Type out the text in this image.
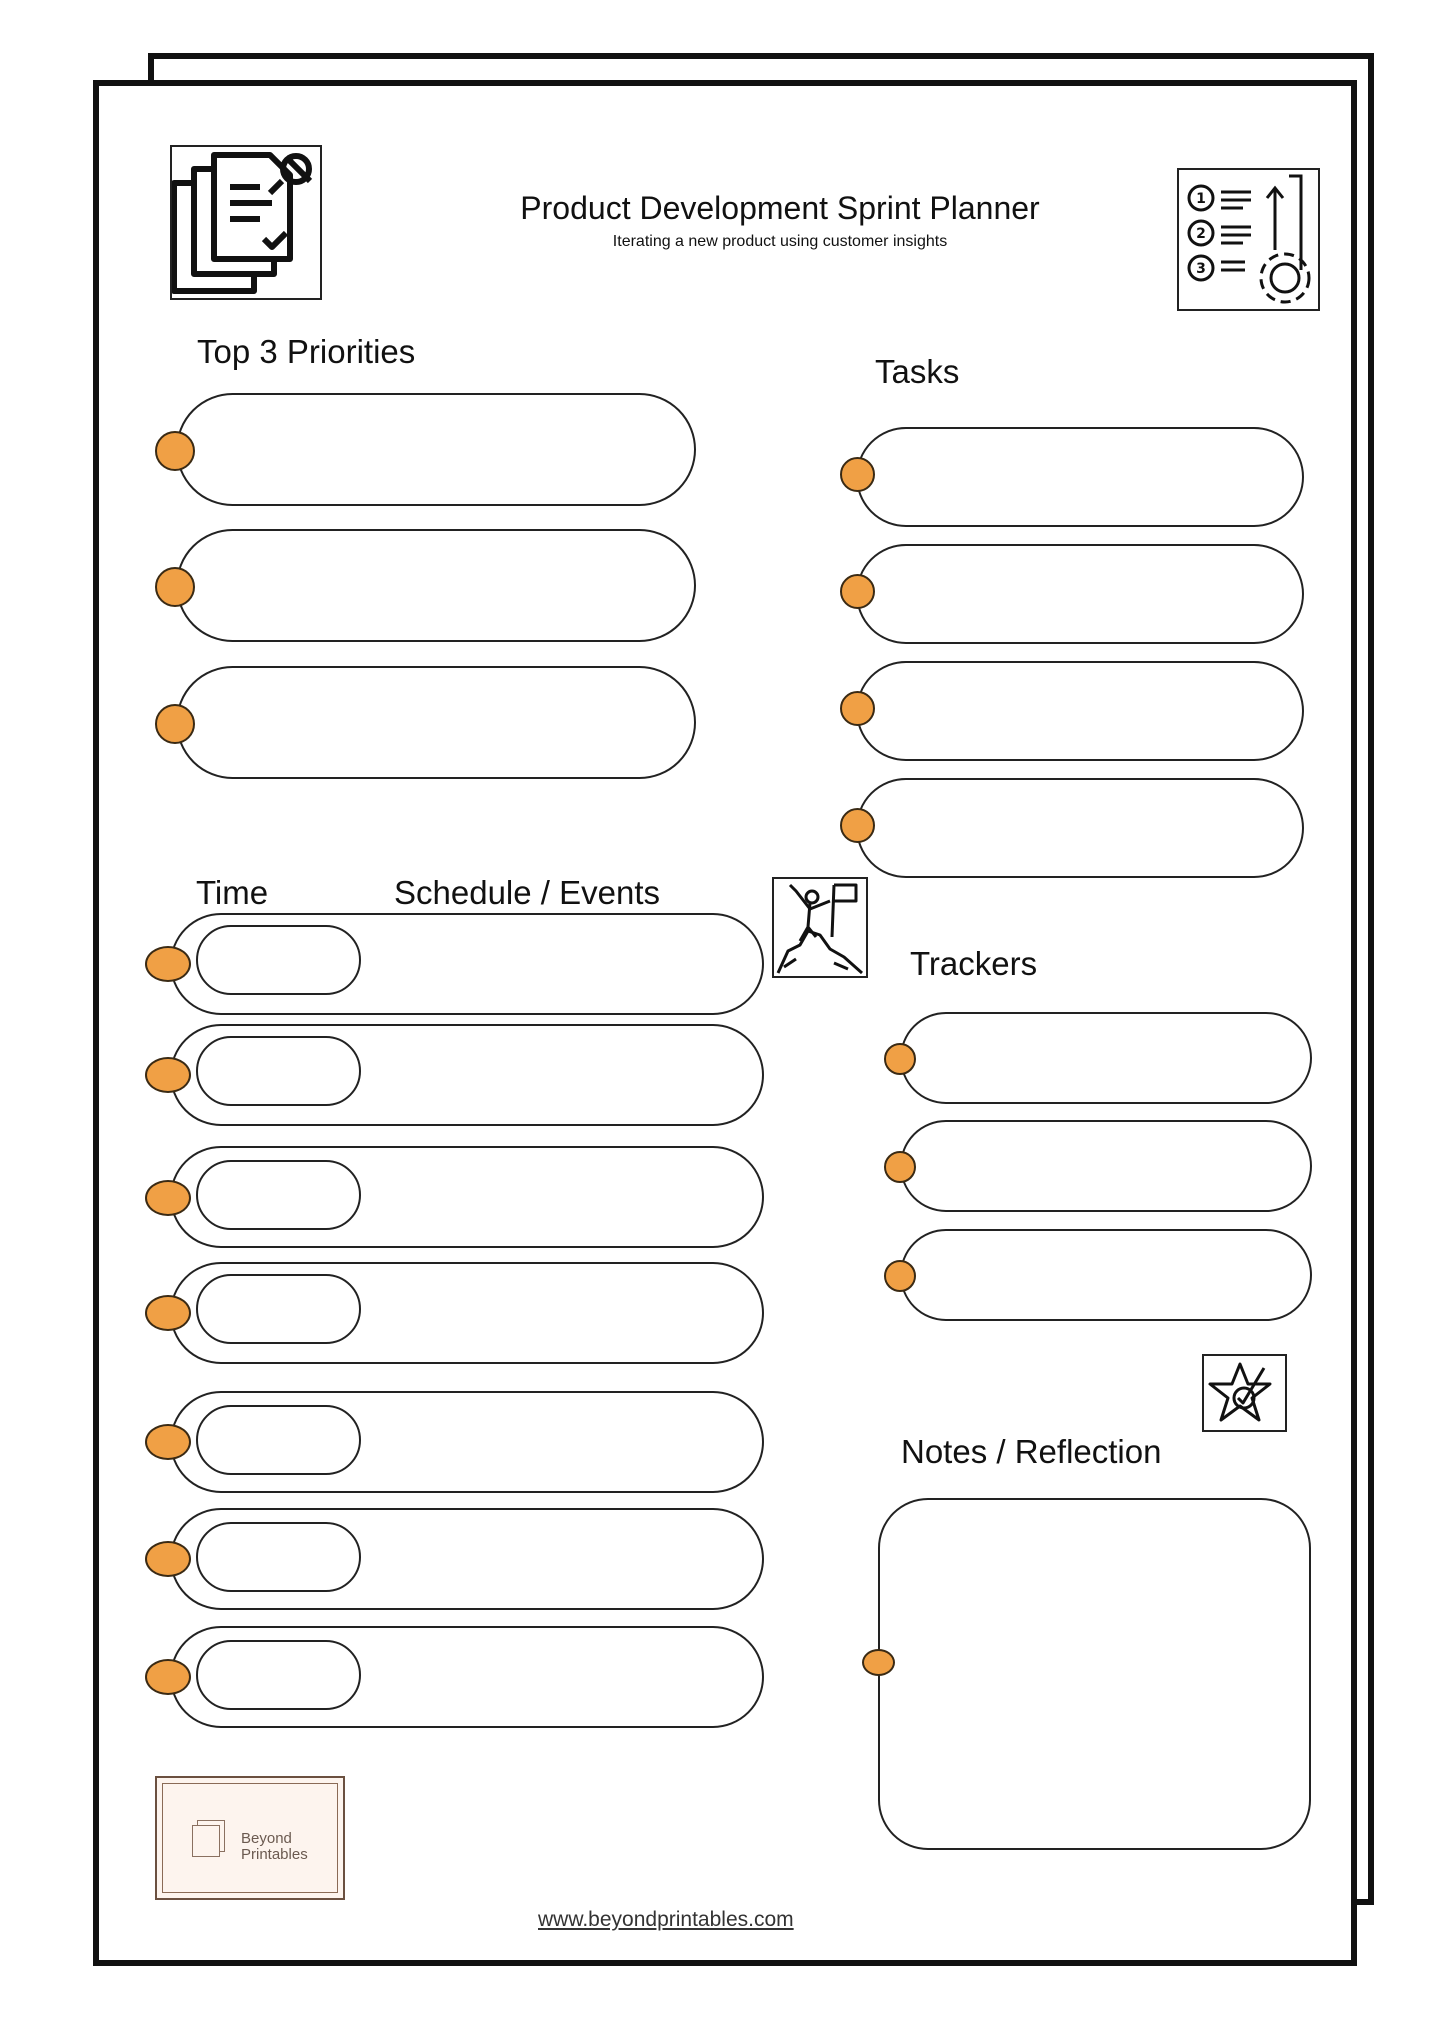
Product Development Sprint Planner
Iterating a new product using customer insights
1
2
3
Top 3 Priorities
Tasks
Time	Schedule / Events
Trackers
Notes / Reflection
Beyond
Printables
www.beyondprintables.com
